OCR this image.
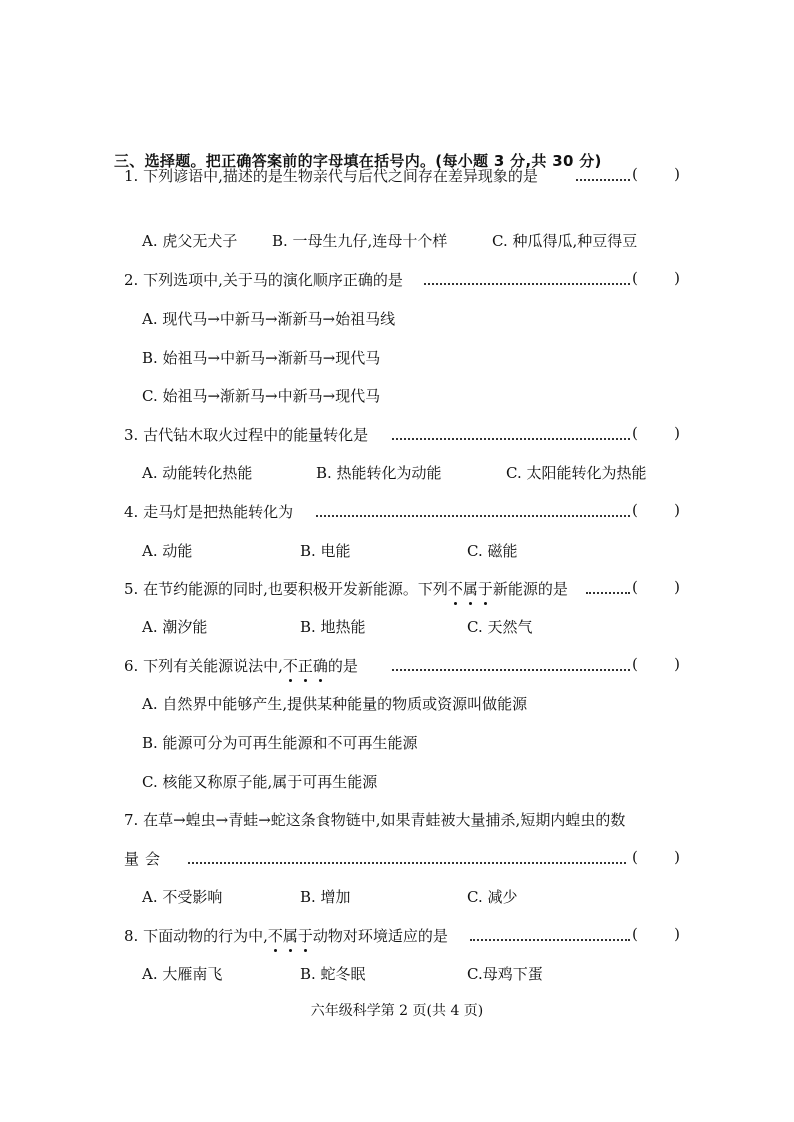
三、选择题。把正确答案前的字母填在括号内。(每小题 3 分,共 30 分)
1. 下列谚语中,描述的是生物亲代与后代之间存在差异现象的是	( )
A. 虎父无犬子 B. 一母生九仔,连母十个样	C. 种瓜得瓜,种豆得豆
2. 下列选项中,关于马的演化顺序正确的是	( )
A. 现代马→中新马→渐新马→始祖马线
B. 始祖马→中新马→渐新马→现代马
C. 始祖马→渐新马→中新马→现代马
3. 古代钻木取火过程中的能量转化是	( )
A. 动能转化热能	B. 热能转化为动能	C. 太阳能转化为热能
4. 走马灯是把热能转化为	( )
A. 动能	B. 电能	C. 磁能
5. 在节约能源的同时,也要积极开发新能源。下列不属于新能源的是	( )
A. 潮汐能	B. 地热能	C. 天然气
6. 下列有关能源说法中,不正确的是	( )
A. 自然界中能够产生,提供某种能量的物质或资源叫做能源
B. 能源可分为可再生能源和不可再生能源
C. 核能又称原子能,属于可再生能源
7. 在草→蝗虫→青蛙→蛇这条食物链中,如果青蛙被大量捕杀,短期内蝗虫的数
量会	( )
A. 不受影响	B. 增加	C. 减少
8. 下面动物的行为中,不属于动物对环境适应的是	( )
A. 大雁南飞	B. 蛇冬眠	C.母鸡下蛋
六年级科学第 2 页(共 4 页)
